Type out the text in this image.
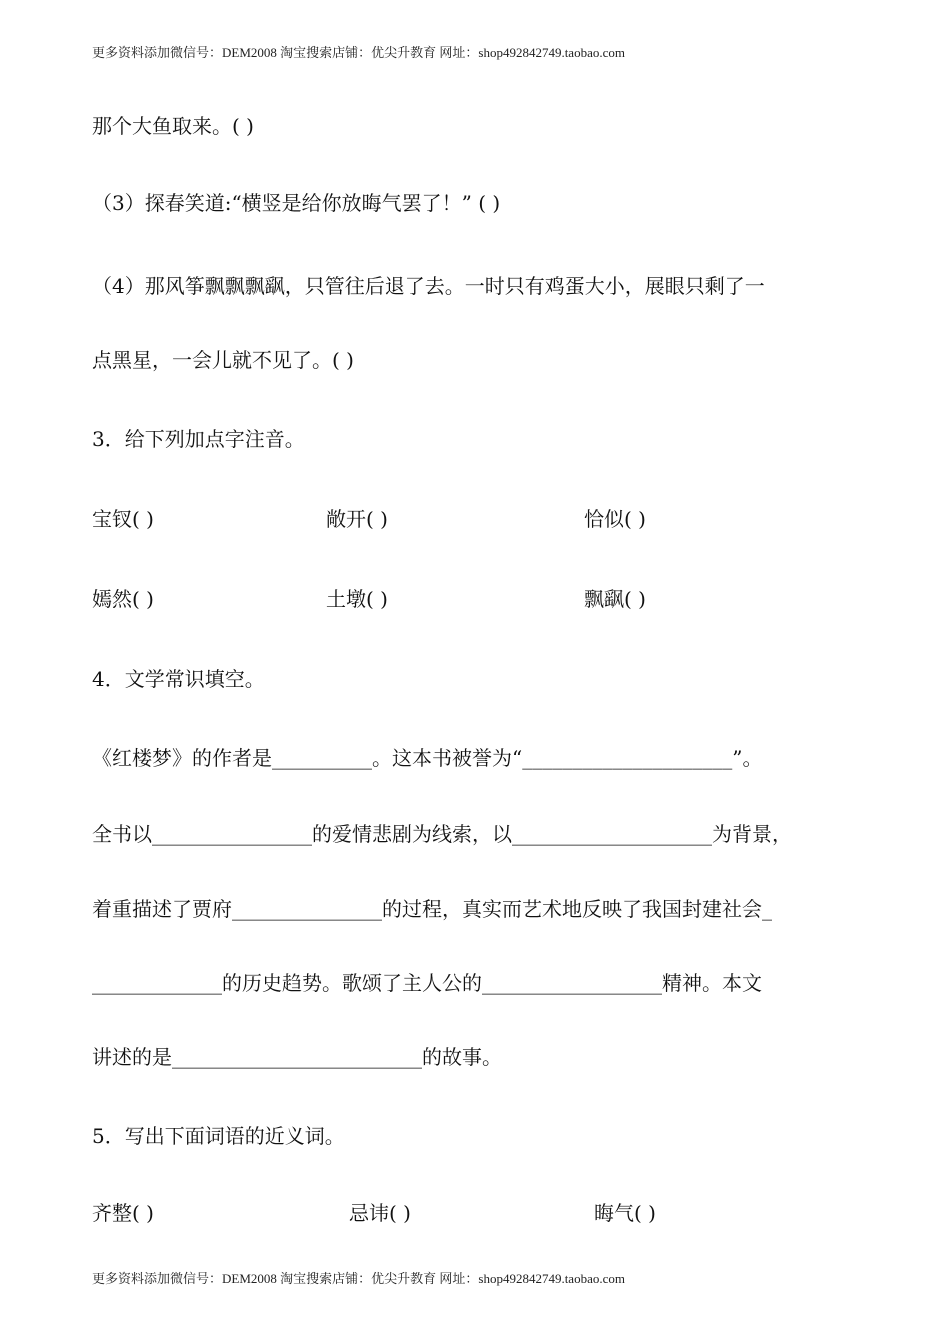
更多资料添加微信号：DEM2008 淘宝搜索店铺：优尖升教育 网址：shop492842749.taobao.com
那个大鱼取来。( )
（3）探春笑道:“横竖是给你放晦气罢了！” ( )
（4）那风筝飘飘飘飖，只管往后退了去。一时只有鸡蛋大小，展眼只剩了一
点黑星，一会儿就不见了。( )
3．给下列加点字注音。
宝钗( )	敞开( )	恰似( )
嫣然( )	土墩( )	飘飖( )
4．文学常识填空。
《红楼梦》的作者是__________。这本书被誉为“_____________________”。
全书以________________的爱情悲剧为线索，以____________________为背景，
着重描述了贾府_______________的过程，真实而艺术地反映了我国封建社会_
_____________的历史趋势。歌颂了主人公的__________________精神。本文
讲述的是_________________________的故事。
5．写出下面词语的近义词。
齐整( )	忌讳( )	晦气( )
更多资料添加微信号：DEM2008 淘宝搜索店铺：优尖升教育 网址：shop492842749.taobao.com
